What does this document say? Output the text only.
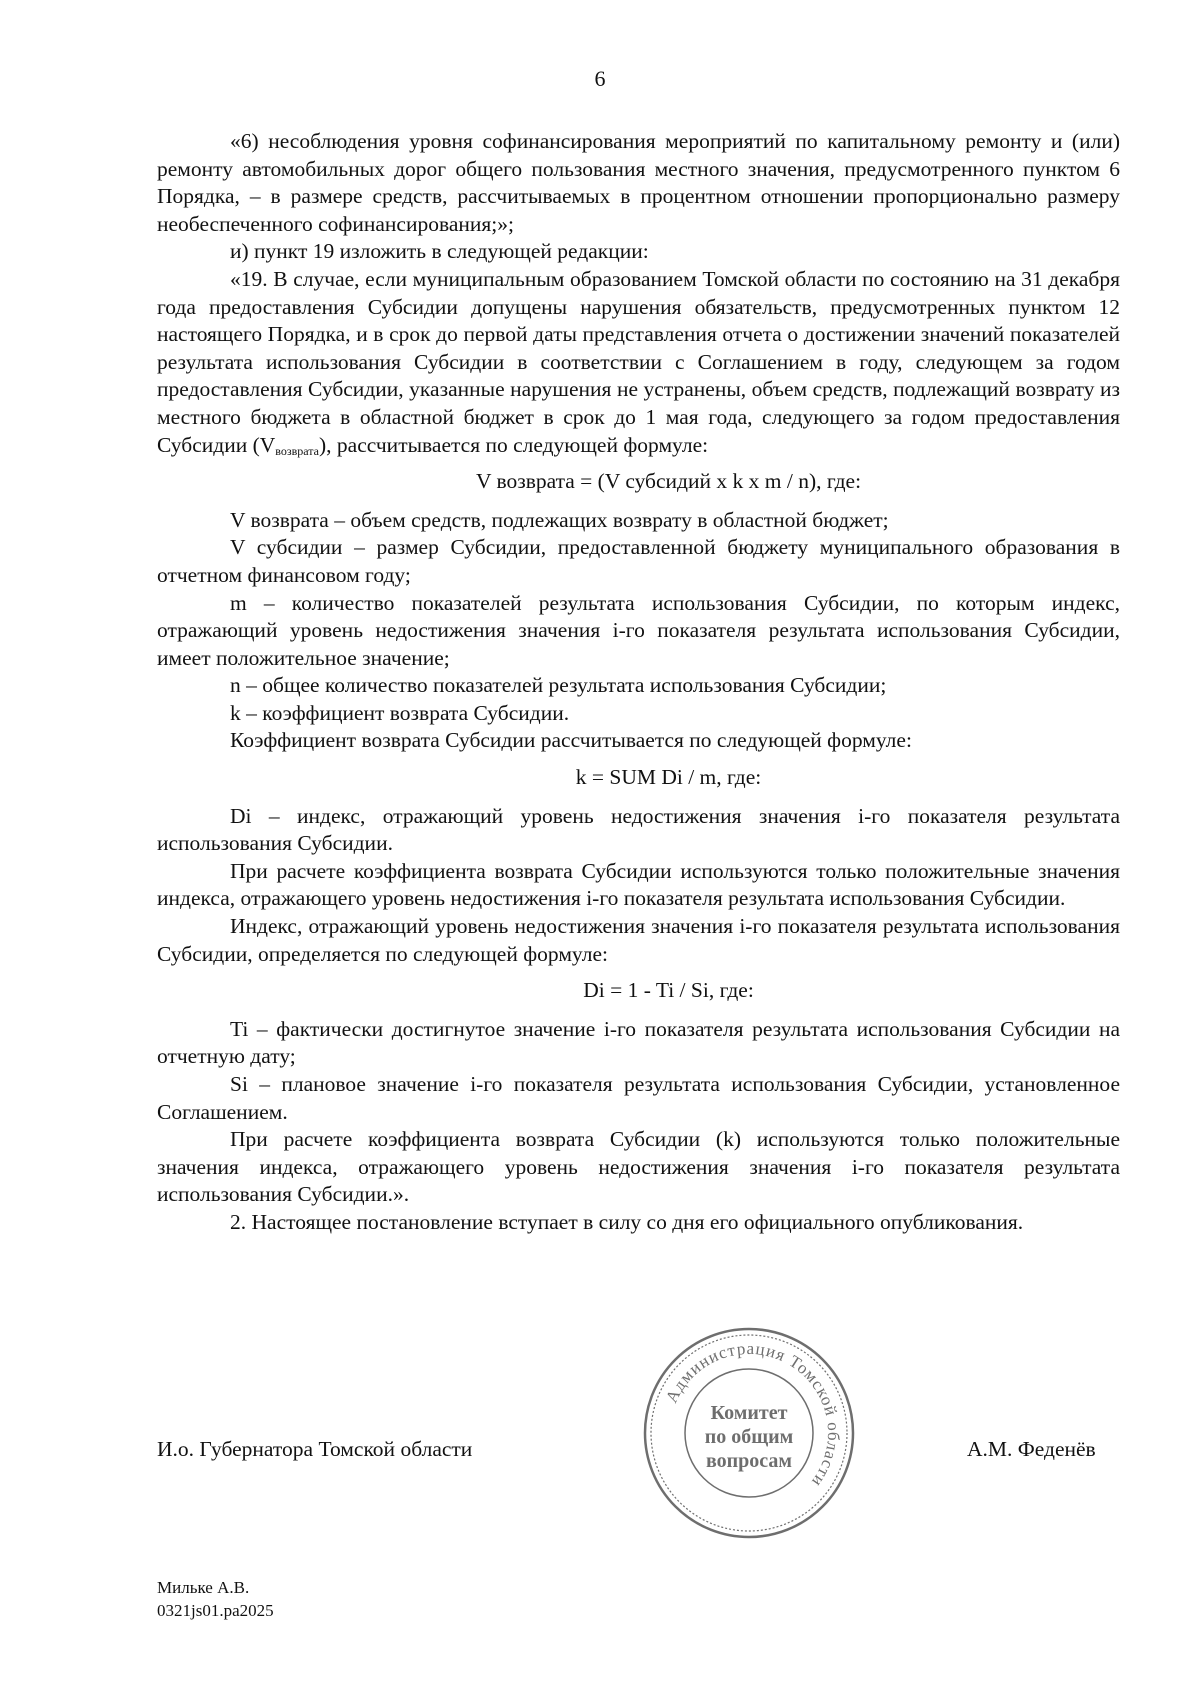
6

«6) несоблюдения уровня софинансирования мероприятий по капитальному ремонту и (или) ремонту автомобильных дорог общего пользования местного значения, предусмотренного пунктом 6 Порядка, – в размере средств, рассчитываемых в процентном отношении пропорционально размеру необеспеченного софинансирования;»;

и) пункт 19 изложить в следующей редакции:

«19. В случае, если муниципальным образованием Томской области по состоянию на 31 декабря года предоставления Субсидии допущены нарушения обязательств, предусмотренных пунктом 12 настоящего Порядка, и в срок до первой даты представления отчета о достижении значений показателей результата использования Субсидии в соответствии с Соглашением в году, следующем за годом предоставления Субсидии, указанные нарушения не устранены, объем средств, подлежащий возврату из местного бюджета в областной бюджет в срок до 1 мая года, следующего за годом предоставления Субсидии $(V_{возврата})$, рассчитывается по следующей формуле:

V возврата = (V субсидий x k x m / n), где:

V возврата – объем средств, подлежащих возврату в областной бюджет;

V субсидии – размер Субсидии, предоставленной бюджету муниципального образования в отчетном финансовом году;

m – количество показателей результата использования Субсидии, по которым индекс, отражающий уровень недостижения значения i-го показателя результата использования Субсидии, имеет положительное значение;

n – общее количество показателей результата использования Субсидии;

k – коэффициент возврата Субсидии.

Коэффициент возврата Субсидии рассчитывается по следующей формуле:

k = SUM Di / m, где:

Di – индекс, отражающий уровень недостижения значения i-го показателя результата использования Субсидии.

При расчете коэффициента возврата Субсидии используются только положительные значения индекса, отражающего уровень недостижения i-го показателя результата использования Субсидии.

Индекс, отражающий уровень недостижения значения i-го показателя результата использования Субсидии, определяется по следующей формуле:

Di = 1 - Ti / Si, где:

Ti – фактически достигнутое значение i-го показателя результата использования Субсидии на отчетную дату;

Si – плановое значение i-го показателя результата использования Субсидии, установленное Соглашением.

При расчете коэффициента возврата Субсидии (k) используются только положительные значения индекса, отражающего уровень недостижения значения i-го показателя результата использования Субсидии.».

2. Настоящее постановление вступает в силу со дня его официального опубликования.

И.о. Губернатора Томской области	А.М. Феденёв
Администрация Томской области
Комитет
по общим
вопросам
Мильке А.В.
0321js01.pa2025
